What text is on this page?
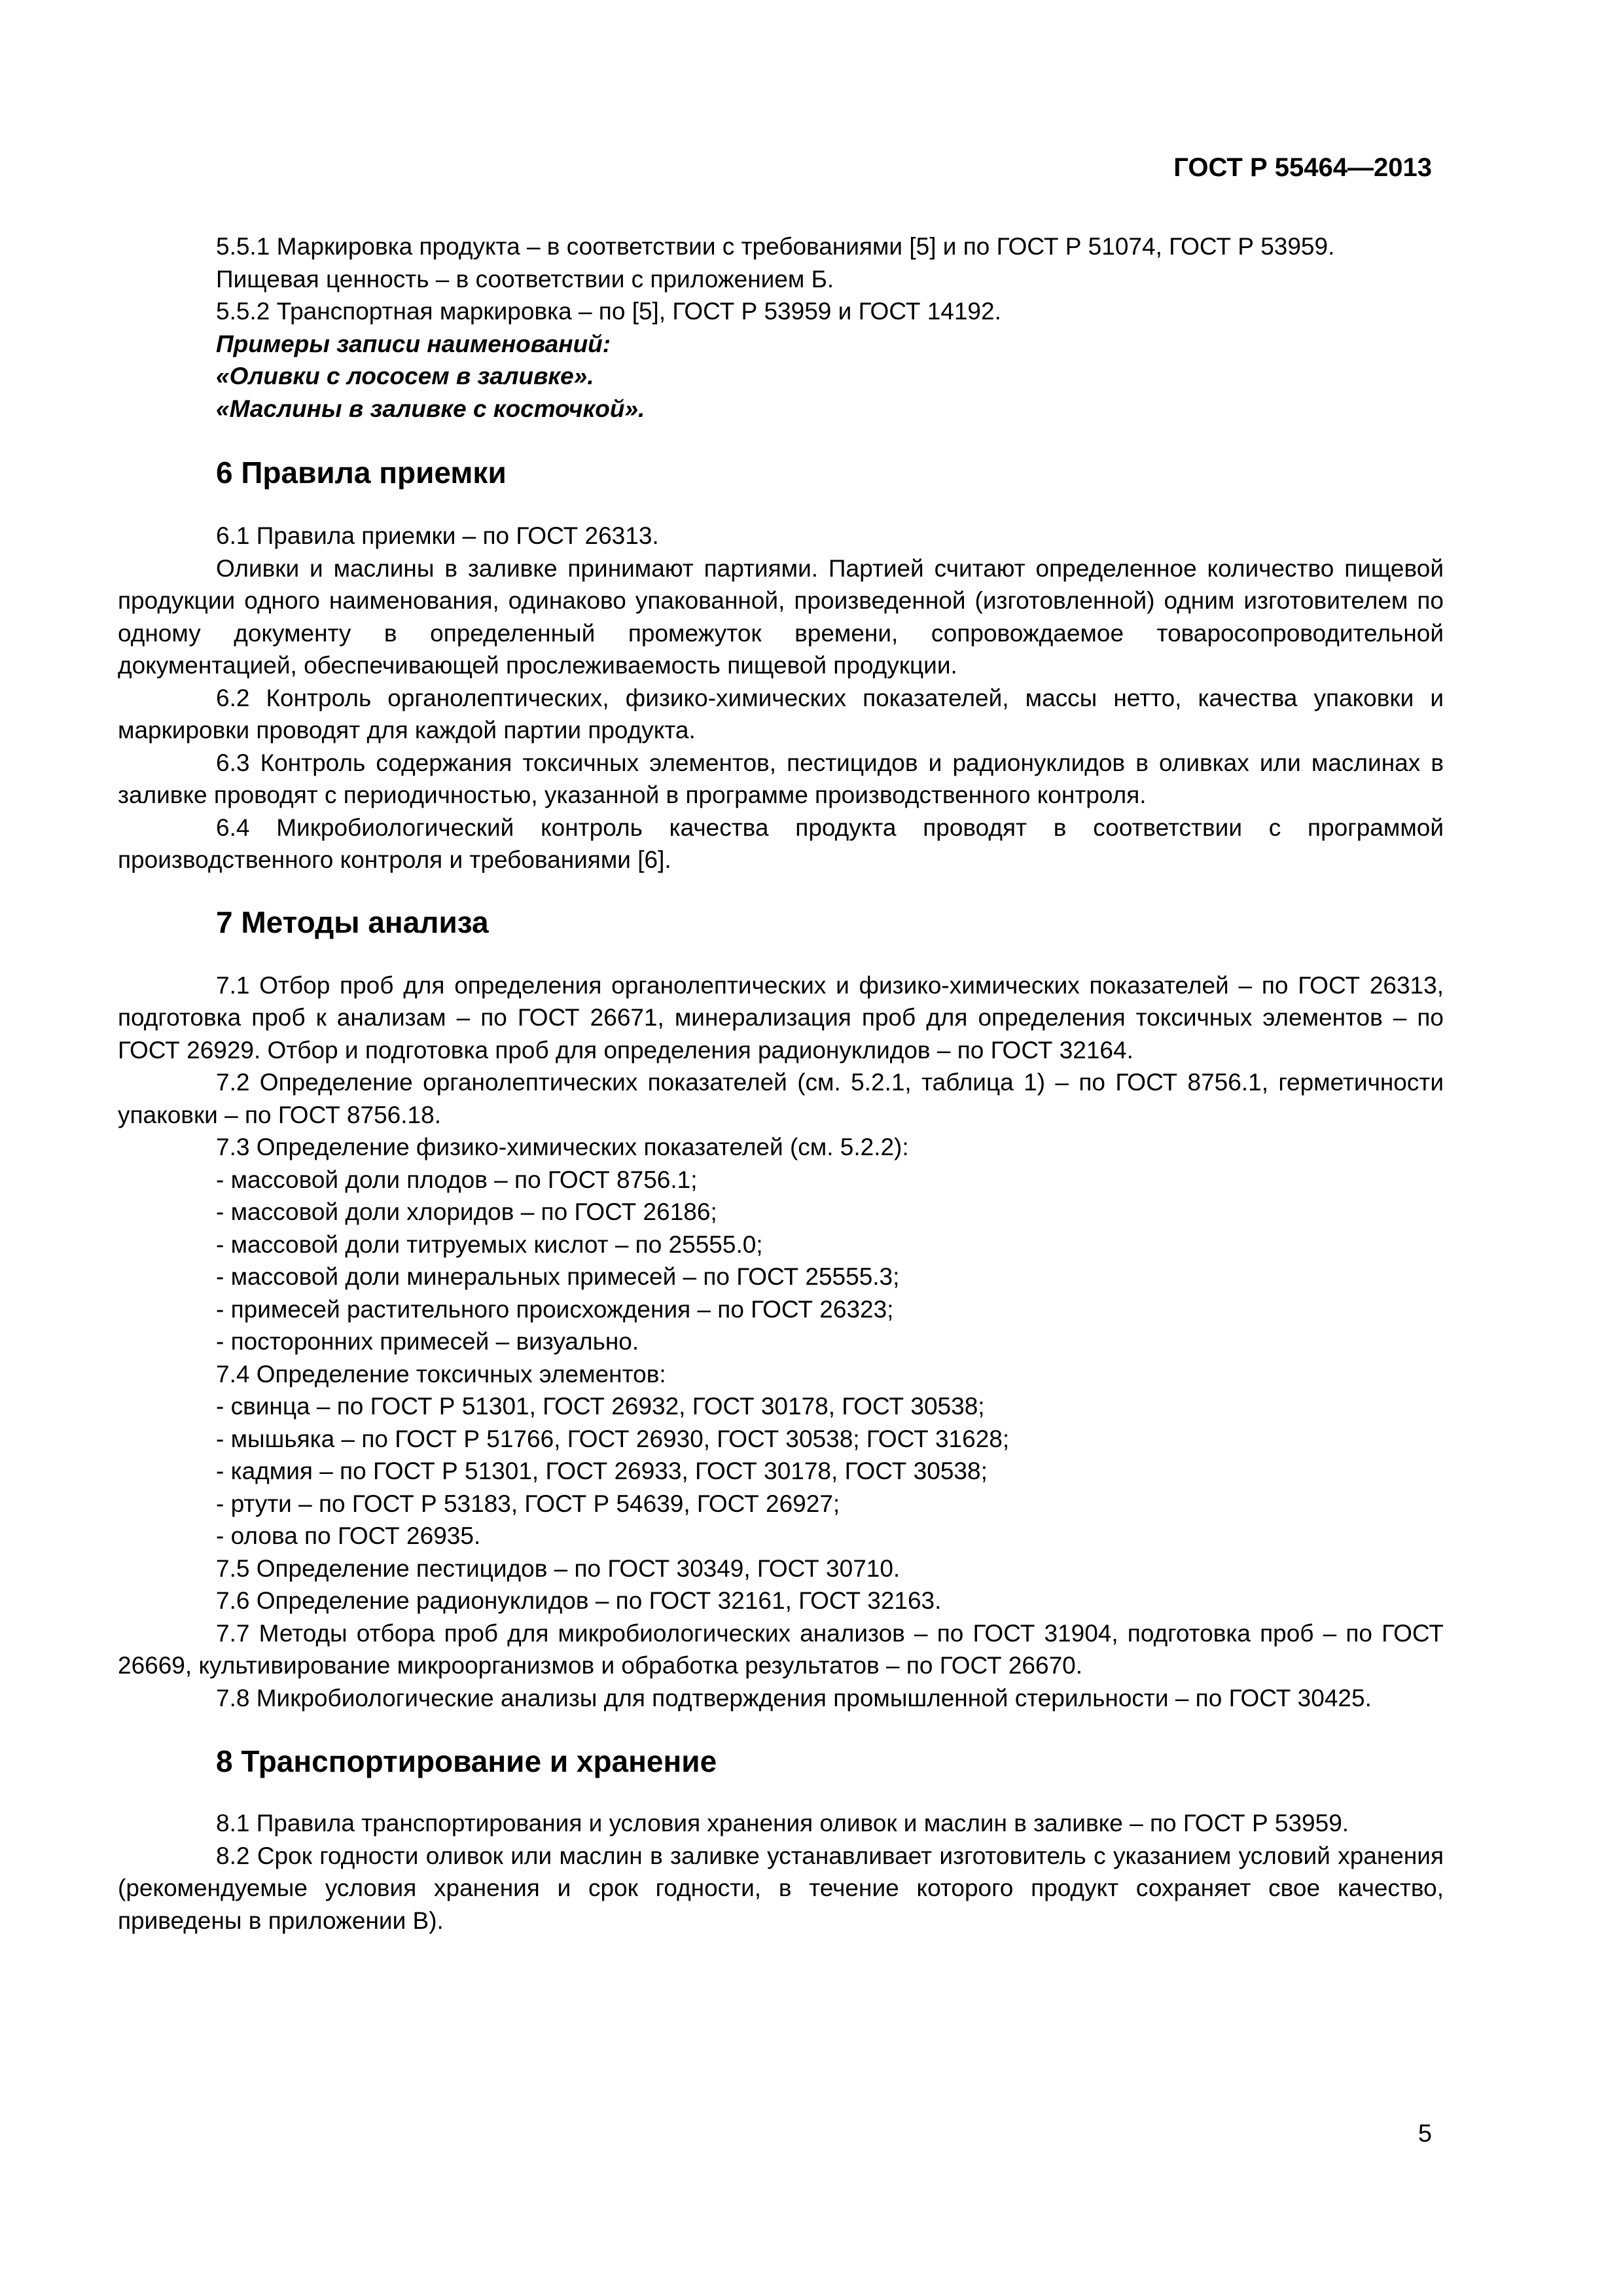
ГОСТ Р 55464—2013

5.5.1 Маркировка продукта – в соответствии с требованиями [5] и по ГОСТ Р 51074, ГОСТ Р 53959.

Пищевая ценность – в соответствии с приложением Б.

5.5.2 Транспортная маркировка – по [5], ГОСТ Р 53959 и ГОСТ 14192.

Примеры записи наименований:

«Оливки с лососем в заливке».

«Маслины в заливке с косточкой».

6 Правила приемки

6.1 Правила приемки – по ГОСТ 26313.

Оливки и маслины в заливке принимают партиями. Партией считают определенное количество пищевой продукции одного наименования, одинаково упакованной, произведенной (изготовленной) одним изготовителем по одному документу в определенный промежуток времени, сопровождаемое товаросопроводительной документацией, обеспечивающей прослеживаемость пищевой продукции.

6.2 Контроль органолептических, физико-химических показателей, массы нетто, качества упаковки и маркировки проводят для каждой партии продукта.

6.3 Контроль содержания токсичных элементов, пестицидов и радионуклидов в оливках или маслинах в заливке проводят с периодичностью, указанной в программе производственного контроля.

6.4 Микробиологический контроль качества продукта проводят в соответствии с программой производственного контроля и требованиями [6].

7 Методы анализа

7.1 Отбор проб для определения органолептических и физико-химических показателей – по ГОСТ 26313, подготовка проб к анализам – по ГОСТ 26671, минерализация проб для определения токсичных элементов – по ГОСТ 26929. Отбор и подготовка проб для определения радионуклидов – по ГОСТ 32164.

7.2 Определение органолептических показателей (см. 5.2.1, таблица 1) – по ГОСТ 8756.1, герметичности упаковки – по ГОСТ 8756.18.

7.3 Определение физико-химических показателей (см. 5.2.2):

- массовой доли плодов – по ГОСТ 8756.1;

- массовой доли хлоридов – по ГОСТ 26186;

- массовой доли титруемых кислот – по 25555.0;

- массовой доли минеральных примесей – по ГОСТ 25555.3;

- примесей растительного происхождения – по ГОСТ 26323;

- посторонних примесей – визуально.

7.4 Определение токсичных элементов:

- свинца – по ГОСТ Р 51301, ГОСТ 26932, ГОСТ 30178, ГОСТ 30538;

- мышьяка – по ГОСТ Р 51766, ГОСТ 26930, ГОСТ 30538; ГОСТ 31628;

- кадмия – по ГОСТ Р 51301, ГОСТ 26933, ГОСТ 30178, ГОСТ 30538;

- ртути – по ГОСТ Р 53183, ГОСТ Р 54639, ГОСТ 26927;

- олова по ГОСТ 26935.

7.5 Определение пестицидов – по ГОСТ 30349, ГОСТ 30710.

7.6 Определение радионуклидов – по ГОСТ 32161, ГОСТ 32163.

7.7 Методы отбора проб для микробиологических анализов – по ГОСТ 31904, подготовка проб – по ГОСТ 26669, культивирование микроорганизмов и обработка результатов – по ГОСТ 26670.

7.8 Микробиологические анализы для подтверждения промышленной стерильности – по ГОСТ 30425.

8 Транспортирование и хранение

8.1 Правила транспортирования и условия хранения оливок и маслин в заливке – по ГОСТ Р 53959.

8.2 Срок годности оливок или маслин в заливке устанавливает изготовитель с указанием условий хранения (рекомендуемые условия хранения и срок годности, в течение которого продукт сохраняет свое качество, приведены в приложении В).

5
